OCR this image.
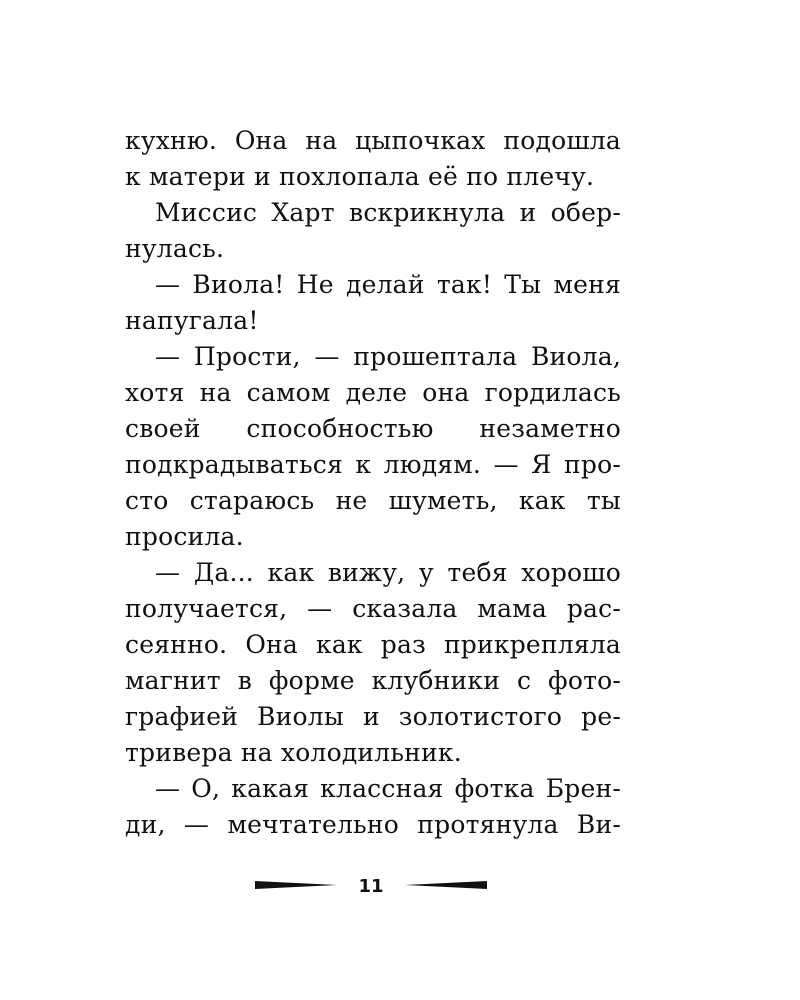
кухню. Она на цыпочках подошла
к матери и похлопала её по плечу.
Миссис Харт вскрикнула и обер-
нулась.
— Виола! Не делай так! Ты меня
напугала!
— Прости, — прошептала Виола,
хотя на самом деле она гордилась
своей способностью незаметно
подкрадываться к людям. — Я про-
сто стараюсь не шуметь, как ты
просила.
— Да... как вижу, у тебя хорошо
получается, — сказала мама рас-
сеянно. Она как раз прикрепляла
магнит в форме клубники с фото-
графией Виолы и золотистого ре-
тривера на холодильник.
— О, какая классная фотка Брен-
ди, — мечтательно протянула Ви-
11
